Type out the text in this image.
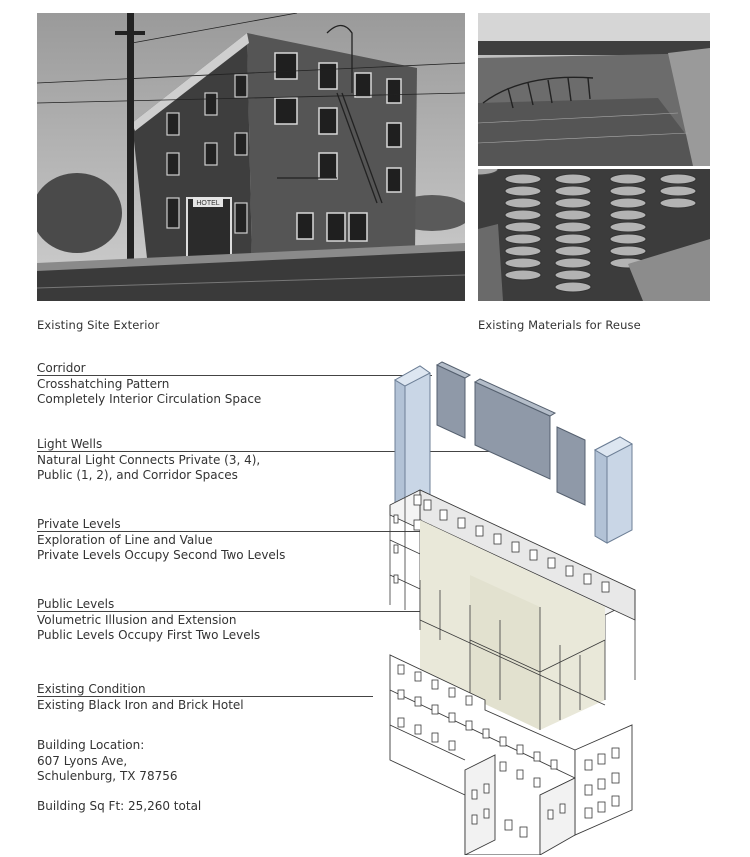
HOTEL
Existing Site Exterior	Existing Materials for Reuse
Corridor
Crosshatching Pattern
Completely Interior Circulation Space
Light Wells
Natural Light Connects Private (3, 4),
Public (1, 2), and Corridor Spaces
Private Levels
Exploration of Line and Value
Private Levels Occupy Second Two Levels
Public Levels
Volumetric Illusion and Extension
Public Levels Occupy First Two Levels
Existing Condition
Existing Black Iron and Brick Hotel
Building Location:
607 Lyons Ave,
Schulenburg, TX 78756
Building Sq Ft: 25,260 total
